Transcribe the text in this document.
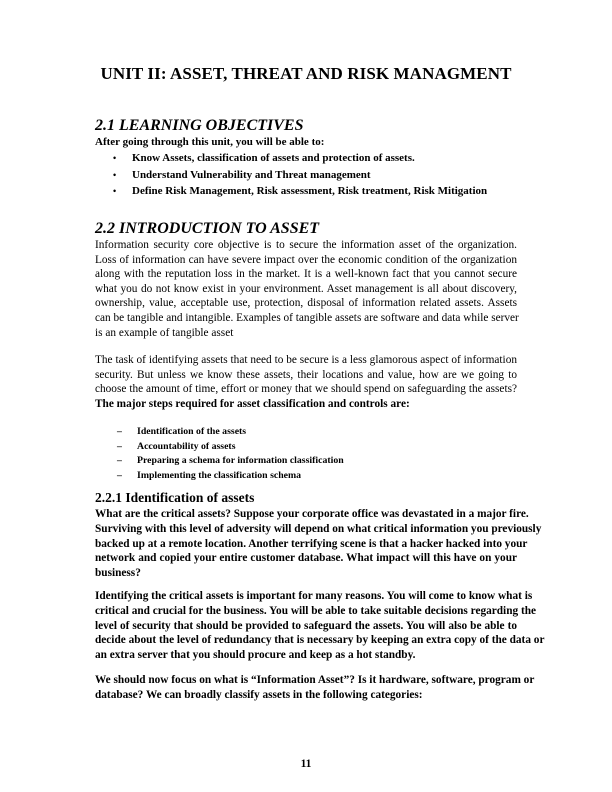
UNIT II: ASSET, THREAT AND RISK MANAGMENT
2.1 LEARNING OBJECTIVES
After going through this unit, you will be able to:
• Know Assets, classification of assets and protection of assets.
• Understand Vulnerability and Threat management
• Define Risk Management, Risk assessment, Risk treatment, Risk Mitigation
2.2 INTRODUCTION TO ASSET
Information security core objective is to secure the information asset of the organization.
Loss of information can have severe impact over the economic condition of the organization
along with the reputation loss in the market. It is a well-known fact that you cannot secure
what you do not know exist in your environment. Asset management is all about discovery,
ownership, value, acceptable use, protection, disposal of information related assets. Assets
can be tangible and intangible. Examples of tangible assets are software and data while server
is an example of tangible asset
The task of identifying assets that need to be secure is a less glamorous aspect of information
security. But unless we know these assets, their locations and value, how are we going to
choose the amount of time, effort or money that we should spend on safeguarding the assets?
The major steps required for asset classification and controls are:
– Identification of the assets
– Accountability of assets
– Preparing a schema for information classification
– Implementing the classification schema
2.2.1 Identification of assets
What are the critical assets? Suppose your corporate office was devastated in a major fire.
Surviving with this level of adversity will depend on what critical information you previously
backed up at a remote location. Another terrifying scene is that a hacker hacked into your
network and copied your entire customer database. What impact will this have on your
business?
Identifying the critical assets is important for many reasons. You will come to know what is
critical and crucial for the business. You will be able to take suitable decisions regarding the
level of security that should be provided to safeguard the assets. You will also be able to
decide about the level of redundancy that is necessary by keeping an extra copy of the data or
an extra server that you should procure and keep as a hot standby.
We should now focus on what is “Information Asset”? Is it hardware, software, program or
database? We can broadly classify assets in the following categories:
11
